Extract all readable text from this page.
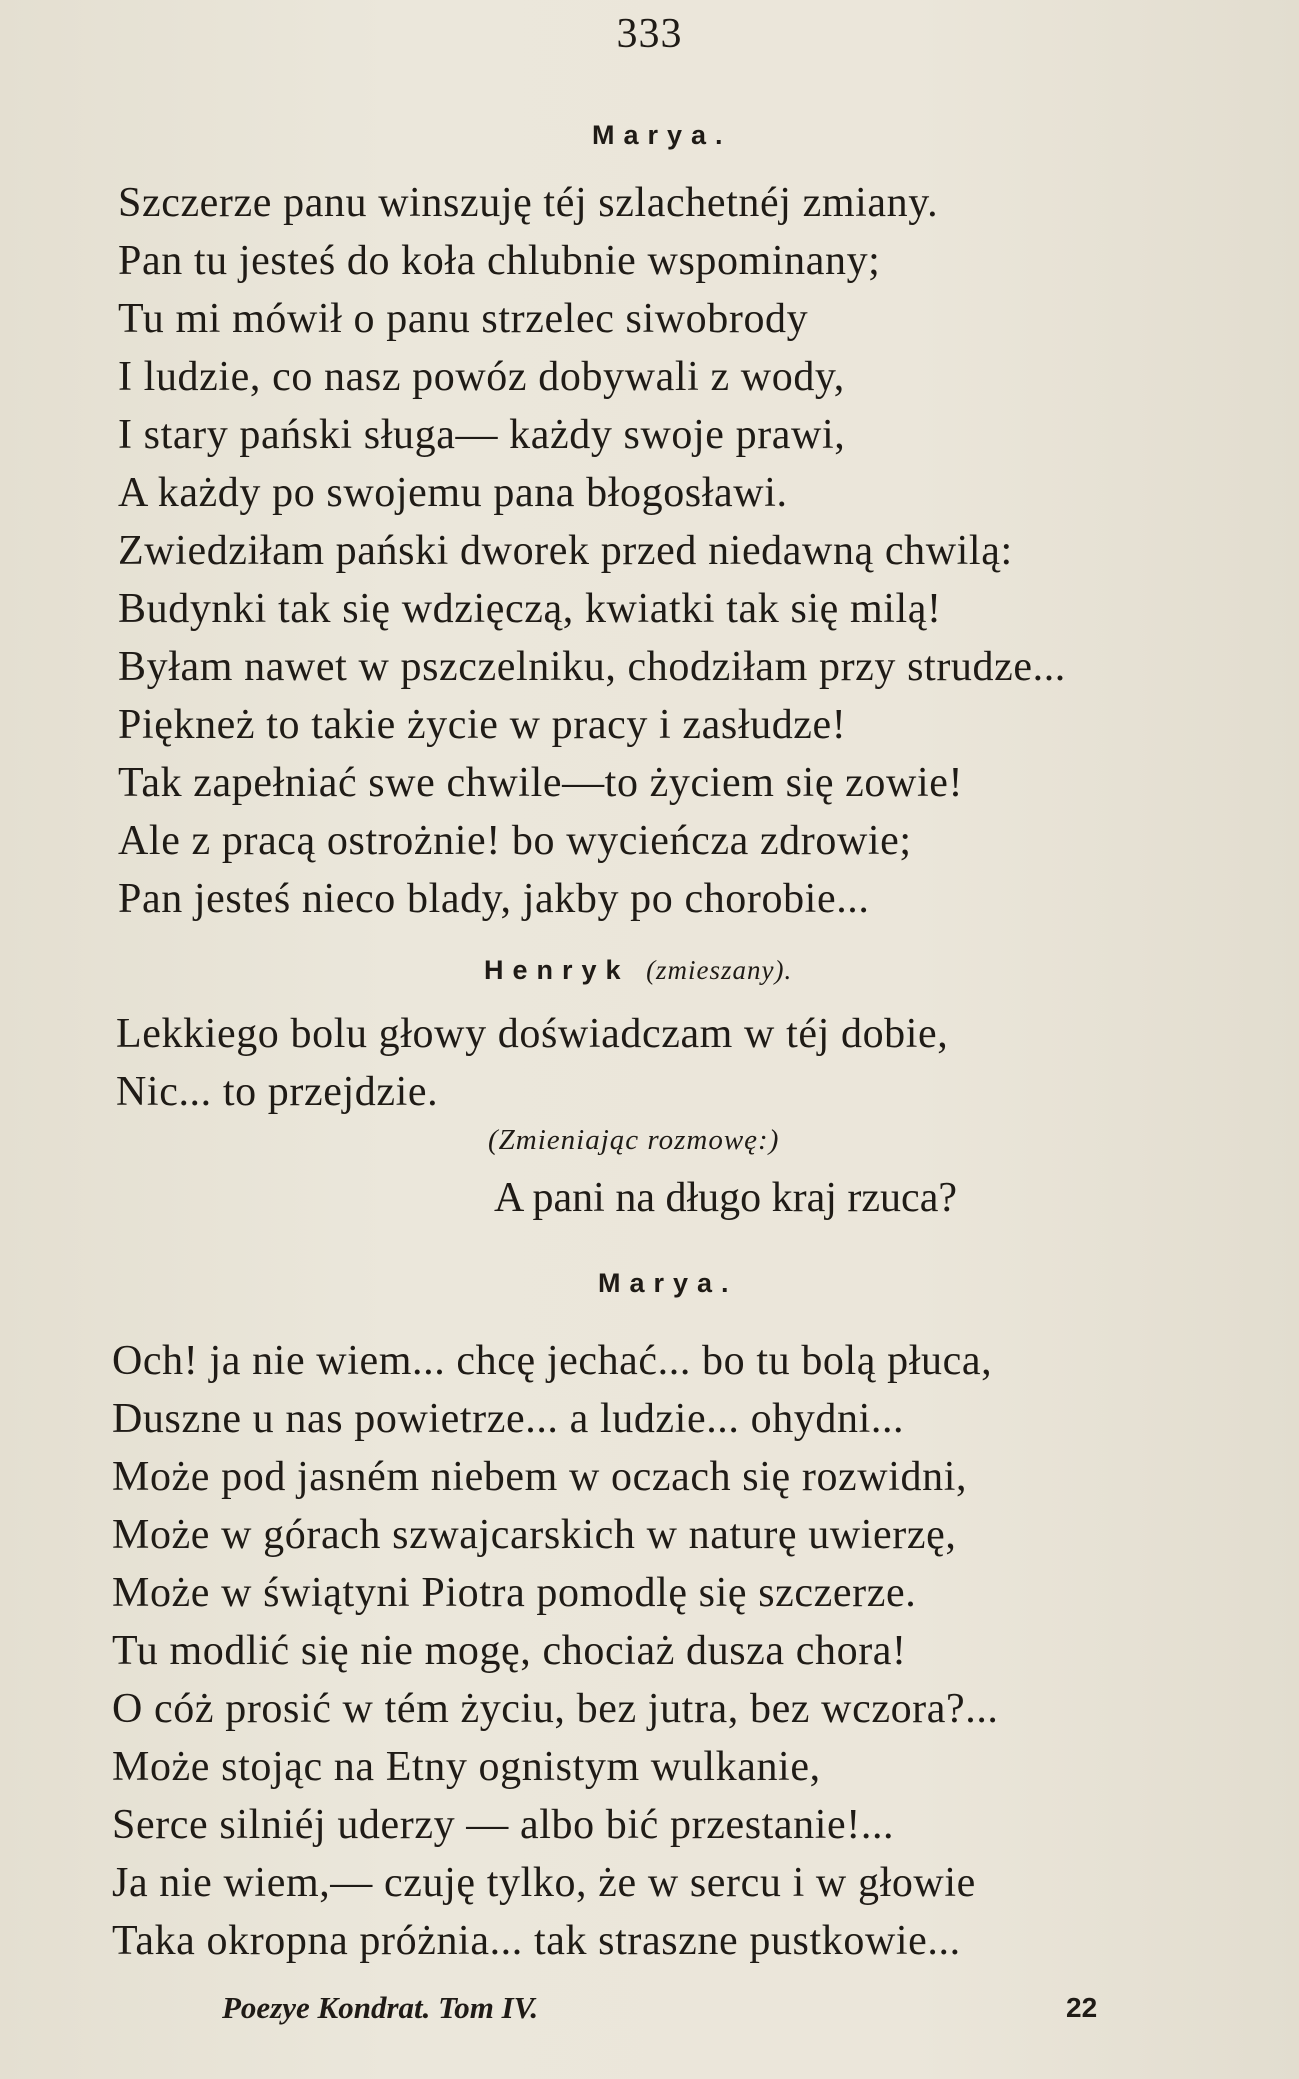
333
Marya.
Szczerze panu winszuję téj szlachetnéj zmiany.
Pan tu jesteś do koła chlubnie wspominany;
Tu mi mówił o panu strzelec siwobrody
I ludzie, co nasz powóz dobywali z wody,
I stary pański sługa— każdy swoje prawi,
A każdy po swojemu pana błogosławi.
Zwiedziłam pański dworek przed niedawną chwilą:
Budynki tak się wdzięczą, kwiatki tak się milą!
Byłam nawet w pszczelniku, chodziłam przy strudze...
Piękneż to takie życie w pracy i zasłudze!
Tak zapełniać swe chwile—to życiem się zowie!
Ale z pracą ostrożnie! bo wycieńcza zdrowie;
Pan jesteś nieco blady, jakby po chorobie...
Henryk (zmieszany).
Lekkiego bolu głowy doświadczam w téj dobie,
Nic... to przejdzie.
(Zmieniając rozmowę:)
A pani na długo kraj rzuca?
Marya.
Och! ja nie wiem... chcę jechać... bo tu bolą płuca,
Duszne u nas powietrze... a ludzie... ohydni...
Może pod jasném niebem w oczach się rozwidni,
Może w górach szwajcarskich w naturę uwierzę,
Może w świątyni Piotra pomodlę się szczerze.
Tu modlić się nie mogę, chociaż dusza chora!
O cóż prosić w tém życiu, bez jutra, bez wczora?...
Może stojąc na Etny ognistym wulkanie,
Serce silniéj uderzy — albo bić przestanie!...
Ja nie wiem,— czuję tylko, że w sercu i w głowie
Taka okropna próżnia... tak straszne pustkowie...
Poezye Kondrat. Tom IV.	22
